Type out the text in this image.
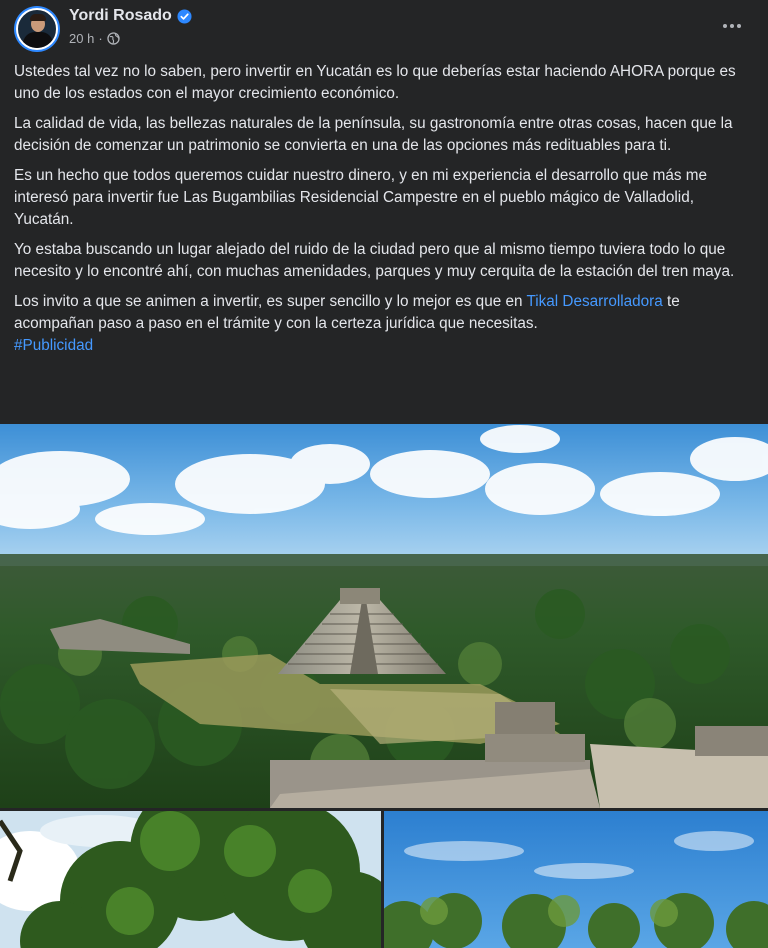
Yordi Rosado
20 h ·

Ustedes tal vez no lo saben, pero invertir en Yucatán es lo que deberías estar haciendo AHORA porque es uno de los estados con el mayor crecimiento económico.

La calidad de vida, las bellezas naturales de la península, su gastronomía entre otras cosas, hacen que la decisión de comenzar un patrimonio se convierta en una de las opciones más redituables para ti.

Es un hecho que todos queremos cuidar nuestro dinero, y en mi experiencia el desarrollo que más me interesó para invertir fue Las Bugambilias Residencial Campestre en el pueblo mágico de Valladolid, Yucatán.

Yo estaba buscando un lugar alejado del ruido de la ciudad pero que al mismo tiempo tuviera todo lo que necesito y lo encontré ahí, con muchas amenidades, parques y muy cerquita de la estación del tren maya.

Los invito a que se animen a invertir, es super sencillo y lo mejor es que en Tikal Desarrolladora te acompañan paso a paso en el trámite y con la certeza jurídica que necesitas.

#Publicidad
